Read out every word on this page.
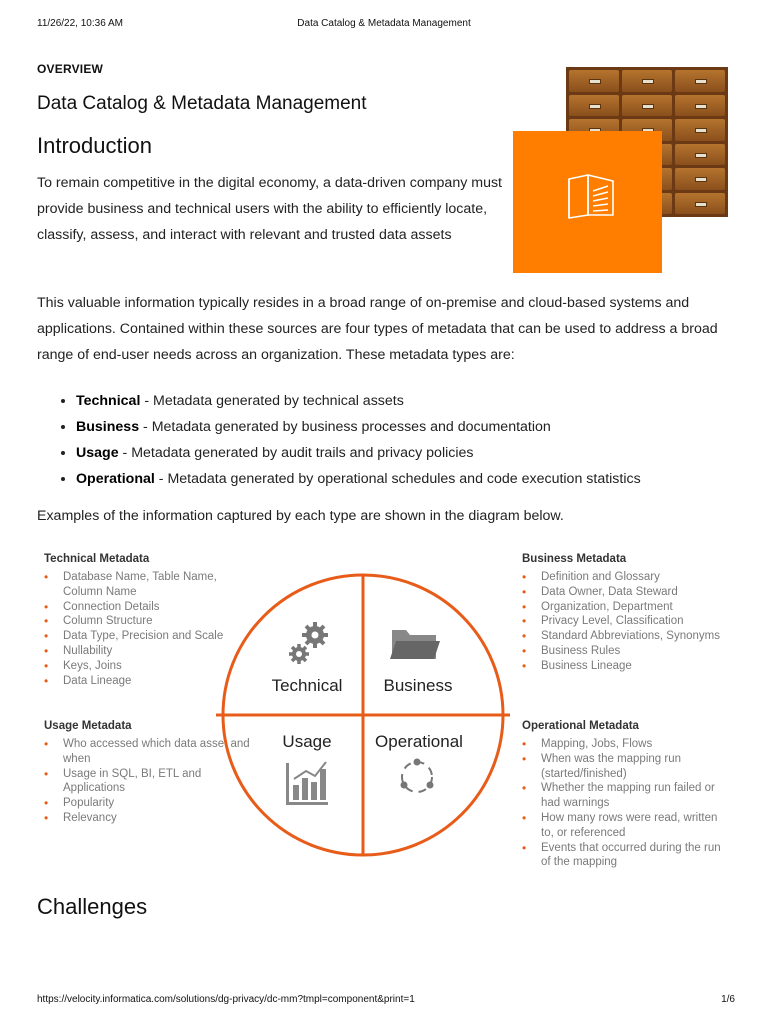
11/26/22, 10:36 AM	Data Catalog & Metadata Management
OVERVIEW
Data Catalog & Metadata Management
Introduction

To remain competitive in the digital economy, a data-driven company must provide business and technical users with the ability to efficiently locate, classify, assess, and interact with relevant and trusted data assets

This valuable information typically resides in a broad range of on-premise and cloud-based systems and applications. Contained within these sources are four types of metadata that can be used to address a broad range of end-user needs across an organization. These metadata types are:

• Technical - Metadata generated by technical assets
• Business - Metadata generated by business processes and documentation
• Usage - Metadata generated by audit trails and privacy policies
• Operational - Metadata generated by operational schedules and code execution statistics

Examples of the information captured by each type are shown in the diagram below.

Technical Metadata
• Database Name, Table Name, Column Name
• Connection Details
• Column Structure
• Data Type, Precision and Scale
• Nullability
• Keys, Joins
• Data Lineage
Usage Metadata
• Who accessed which data asset and when
• Usage in SQL, BI, ETL and Applications
• Popularity
• Relevancy
Business Metadata
• Definition and Glossary
• Data Owner, Data Steward
• Organization, Department
• Privacy Level, Classification
• Standard Abbreviations, Synonyms
• Business Rules
• Business Lineage
Operational Metadata
• Mapping, Jobs, Flows
• When was the mapping run (started/finished)
• Whether the mapping run failed or had warnings
• How many rows were read, written to, or referenced
• Events that occurred during the run of the mapping
Technical Business
Usage	Operational
Challenges
https://velocity.informatica.com/solutions/dg-privacy/dc-mm?tmpl=component&print=1	1/6
